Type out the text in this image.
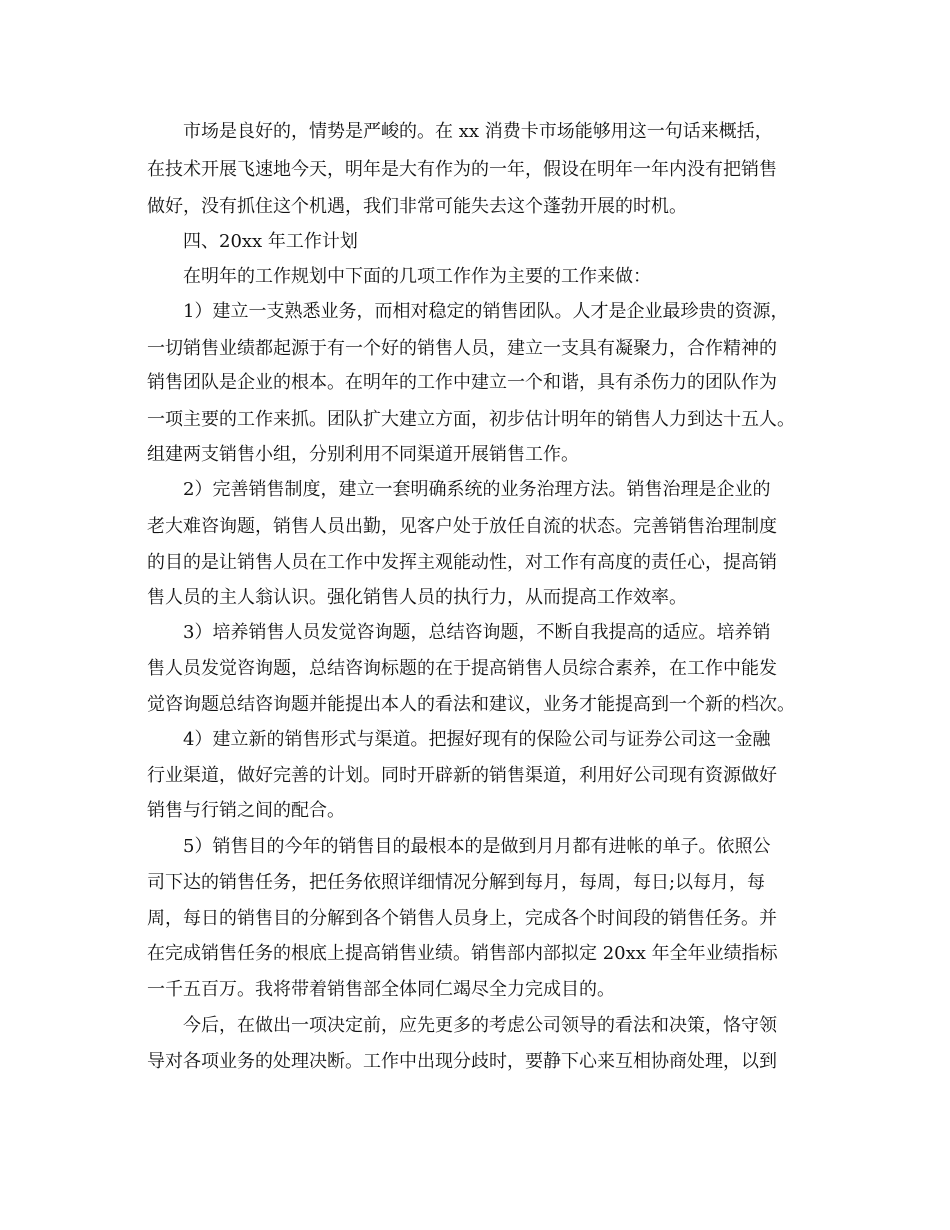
市场是良好的，情势是严峻的。在 xx 消费卡市场能够用这一句话来概括，
在技术开展飞速地今天，明年是大有作为的一年，假设在明年一年内没有把销售
做好，没有抓住这个机遇，我们非常可能失去这个蓬勃开展的时机。
四、20xx 年工作计划
在明年的工作规划中下面的几项工作作为主要的工作来做：
1）建立一支熟悉业务，而相对稳定的销售团队。人才是企业最珍贵的资源，
一切销售业绩都起源于有一个好的销售人员，建立一支具有凝聚力，合作精神的
销售团队是企业的根本。在明年的工作中建立一个和谐，具有杀伤力的团队作为
一项主要的工作来抓。团队扩大建立方面，初步估计明年的销售人力到达十五人。
组建两支销售小组，分别利用不同渠道开展销售工作。
2）完善销售制度，建立一套明确系统的业务治理方法。销售治理是企业的
老大难咨询题，销售人员出勤，见客户处于放任自流的状态。完善销售治理制度
的目的是让销售人员在工作中发挥主观能动性，对工作有高度的责任心，提高销
售人员的主人翁认识。强化销售人员的执行力，从而提高工作效率。
3）培养销售人员发觉咨询题，总结咨询题，不断自我提高的适应。培养销
售人员发觉咨询题，总结咨询标题的在于提高销售人员综合素养，在工作中能发
觉咨询题总结咨询题并能提出本人的看法和建议，业务才能提高到一个新的档次。
4）建立新的销售形式与渠道。把握好现有的保险公司与证券公司这一金融
行业渠道，做好完善的计划。同时开辟新的销售渠道，利用好公司现有资源做好
销售与行销之间的配合。
5）销售目的今年的销售目的最根本的是做到月月都有进帐的单子。依照公
司下达的销售任务，把任务依照详细情况分解到每月，每周，每日;以每月，每
周，每日的销售目的分解到各个销售人员身上，完成各个时间段的销售任务。并
在完成销售任务的根底上提高销售业绩。销售部内部拟定 20xx 年全年业绩指标
一千五百万。我将带着销售部全体同仁竭尽全力完成目的。
今后，在做出一项决定前，应先更多的考虑公司领导的看法和决策，恪守领
导对各项业务的处理决断。工作中出现分歧时，要静下心来互相协商处理，以到
